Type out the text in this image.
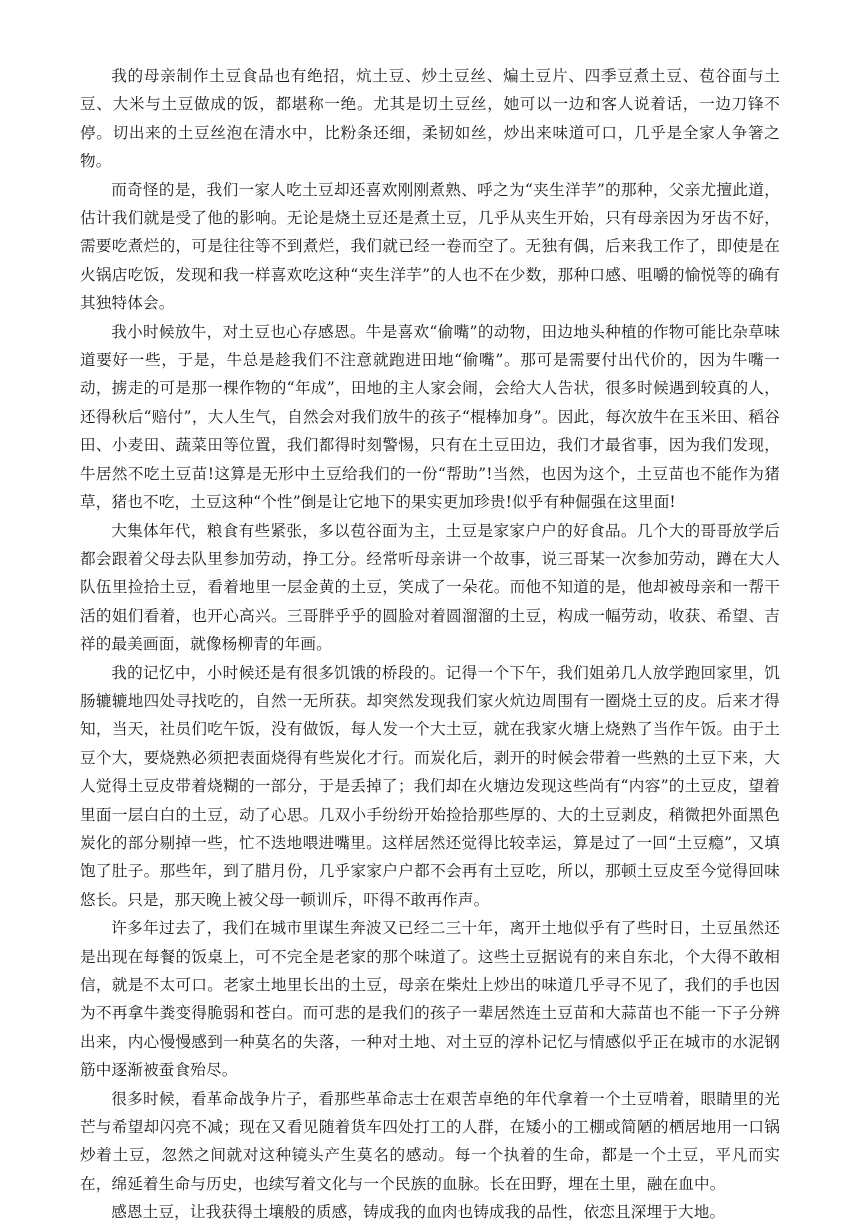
我的母亲制作土豆食品也有绝招，炕土豆、炒土豆丝、煸土豆片、四季豆煮土豆、苞谷面与土豆、大米与土豆做成的饭，都堪称一绝。尤其是切土豆丝，她可以一边和客人说着话，一边刀锋不停。切出来的土豆丝泡在清水中，比粉条还细，柔韧如丝，炒出来味道可口，几乎是全家人争箸之物。

而奇怪的是，我们一家人吃土豆却还喜欢刚刚煮熟、呼之为“夹生洋芋”的那种，父亲尤擅此道，估计我们就是受了他的影响。无论是烧土豆还是煮土豆，几乎从夹生开始，只有母亲因为牙齿不好，需要吃煮烂的，可是往往等不到煮烂，我们就已经一卷而空了。无独有偶，后来我工作了，即使是在火锅店吃饭，发现和我一样喜欢吃这种“夹生洋芋”的人也不在少数，那种口感、咀嚼的愉悦等的确有其独特体会。

我小时候放牛，对土豆也心存感恩。牛是喜欢“偷嘴”的动物，田边地头种植的作物可能比杂草味道要好一些，于是，牛总是趁我们不注意就跑进田地“偷嘴”。那可是需要付出代价的，因为牛嘴一动，掳走的可是那一棵作物的“年成”，田地的主人家会闹，会给大人告状，很多时候遇到较真的人，还得秋后“赔付”，大人生气，自然会对我们放牛的孩子“棍棒加身”。因此，每次放牛在玉米田、稻谷田、小麦田、蔬菜田等位置，我们都得时刻警惕，只有在土豆田边，我们才最省事，因为我们发现，牛居然不吃土豆苗!这算是无形中土豆给我们的一份“帮助”!当然，也因为这个，土豆苗也不能作为猪草，猪也不吃，土豆这种“个性”倒是让它地下的果实更加珍贵!似乎有种倔强在这里面!

大集体年代，粮食有些紧张，多以苞谷面为主，土豆是家家户户的好食品。几个大的哥哥放学后都会跟着父母去队里参加劳动，挣工分。经常听母亲讲一个故事，说三哥某一次参加劳动，蹲在大人队伍里捡拾土豆，看着地里一层金黄的土豆，笑成了一朵花。而他不知道的是，他却被母亲和一帮干活的姐们看着，也开心高兴。三哥胖乎乎的圆脸对着圆溜溜的土豆，构成一幅劳动，收获、希望、吉祥的最美画面，就像杨柳青的年画。

我的记忆中，小时候还是有很多饥饿的桥段的。记得一个下午，我们姐弟几人放学跑回家里，饥肠辘辘地四处寻找吃的，自然一无所获。却突然发现我们家火炕边周围有一圈烧土豆的皮。后来才得知，当天，社员们吃午饭，没有做饭，每人发一个大土豆，就在我家火塘上烧熟了当作午饭。由于土豆个大，要烧熟必须把表面烧得有些炭化才行。而炭化后，剥开的时候会带着一些熟的土豆下来，大人觉得土豆皮带着烧糊的一部分，于是丢掉了；我们却在火塘边发现这些尚有“内容”的土豆皮，望着里面一层白白的土豆，动了心思。几双小手纷纷开始捡拾那些厚的、大的土豆剥皮，稍微把外面黑色炭化的部分剔掉一些，忙不迭地喂进嘴里。这样居然还觉得比较幸运，算是过了一回“土豆瘾”，又填饱了肚子。那些年，到了腊月份，几乎家家户户都不会再有土豆吃，所以，那顿土豆皮至今觉得回味悠长。只是，那天晚上被父母一顿训斥，吓得不敢再作声。

许多年过去了，我们在城市里谋生奔波又已经二三十年，离开土地似乎有了些时日，土豆虽然还是出现在每餐的饭桌上，可不完全是老家的那个味道了。这些土豆据说有的来自东北，个大得不敢相信，就是不太可口。老家土地里长出的土豆，母亲在柴灶上炒出的味道几乎寻不见了，我们的手也因为不再拿牛粪变得脆弱和苍白。而可悲的是我们的孩子一辈居然连土豆苗和大蒜苗也不能一下子分辨出来，内心慢慢感到一种莫名的失落，一种对土地、对土豆的淳朴记忆与情感似乎正在城市的水泥钢筋中逐渐被蚕食殆尽。

很多时候，看革命战争片子，看那些革命志士在艰苦卓绝的年代拿着一个土豆啃着，眼睛里的光芒与希望却闪亮不减；现在又看见随着货车四处打工的人群，在矮小的工棚或简陋的栖居地用一口锅炒着土豆，忽然之间就对这种镜头产生莫名的感动。每一个执着的生命，都是一个土豆，平凡而实在，绵延着生命与历史，也续写着文化与一个民族的血脉。长在田野，埋在土里，融在血中。

感恩土豆，让我获得土壤般的质感，铸成我的血肉也铸成我的品性，依恋且深埋于大地。
